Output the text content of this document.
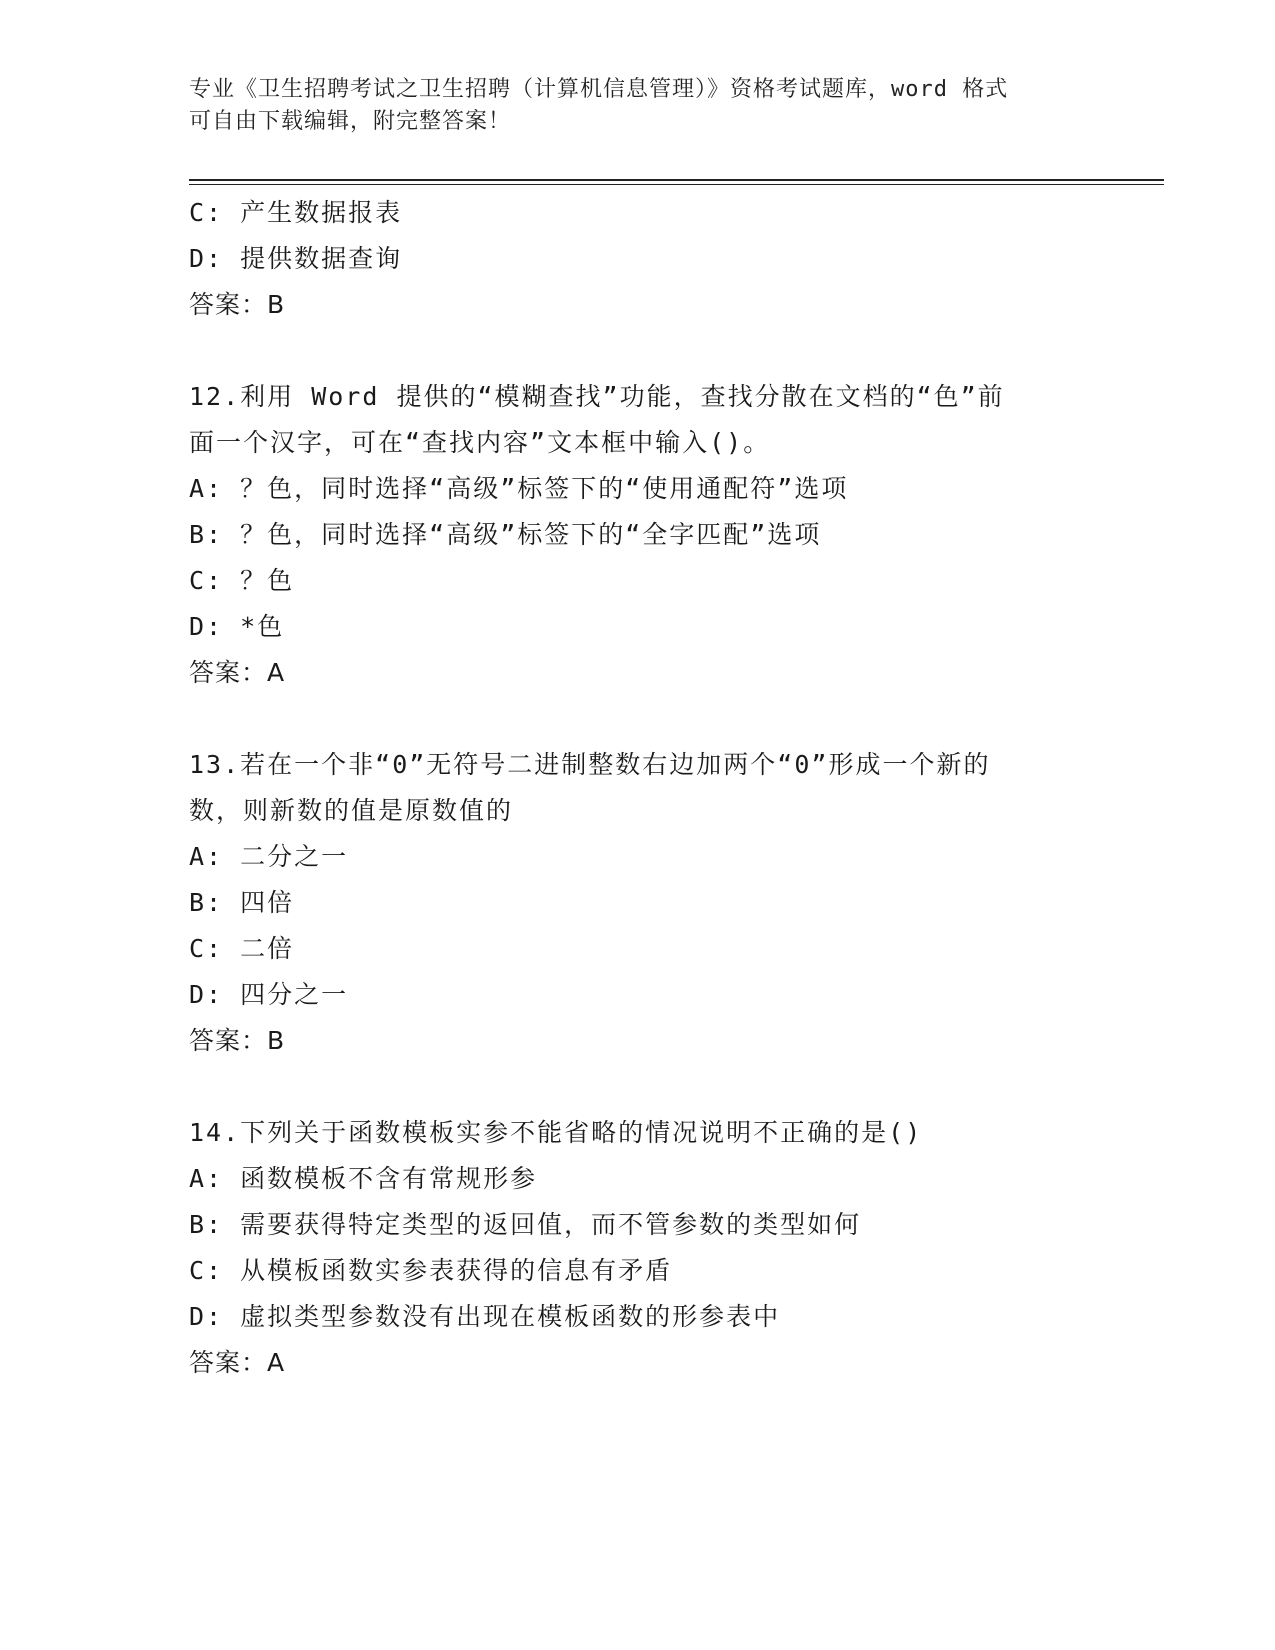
专业《卫生招聘考试之卫生招聘（计算机信息管理）》资格考试题库，word 格式
可自由下载编辑，附完整答案！
C: 产生数据报表
D: 提供数据查询
答案：B
12.利用 Word 提供的“模糊查找”功能，查找分散在文档的“色”前
面一个汉字，可在“查找内容”文本框中输入()。
A: ？色，同时选择“高级”标签下的“使用通配符”选项
B: ？色，同时选择“高级”标签下的“全字匹配”选项
C: ？色
D: *色
答案：A
13.若在一个非“0”无符号二进制整数右边加两个“0”形成一个新的
数，则新数的值是原数值的
A: 二分之一
B: 四倍
C: 二倍
D: 四分之一
答案：B
14.下列关于函数模板实参不能省略的情况说明不正确的是()
A: 函数模板不含有常规形参
B: 需要获得特定类型的返回值，而不管参数的类型如何
C: 从模板函数实参表获得的信息有矛盾
D: 虚拟类型参数没有出现在模板函数的形参表中
答案：A
